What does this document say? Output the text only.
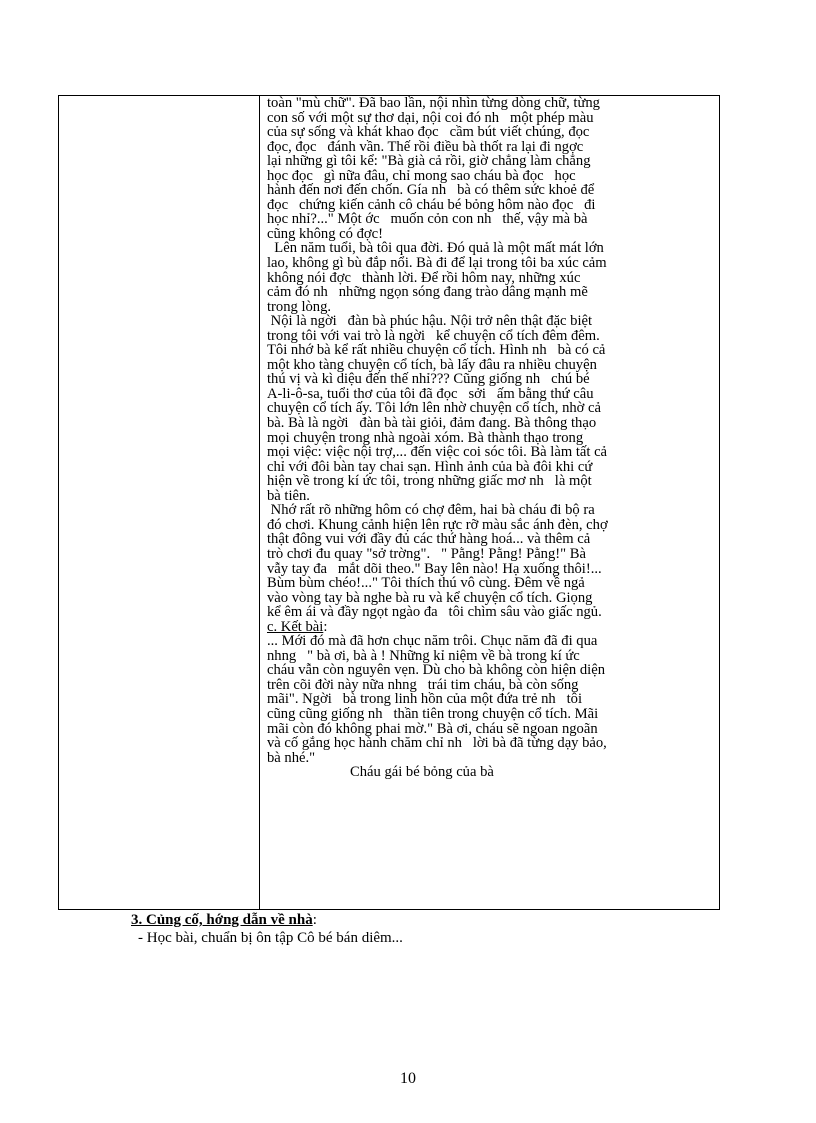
toàn "mù chữ". Đã bao lần, nội nhìn từng dòng chữ, từng
con số với một sự thơ dại, nội coi đó nh   một phép màu
của sự sống và khát khao đọc   cầm bút viết chúng, đọc
đọc, đọc   đánh vần. Thế rồi điều bà thốt ra lại đi ngợc
lại những gì tôi kể: "Bà già cả rồi, giờ chẳng làm chẳng
học đọc   gì nữa đâu, chỉ mong sao cháu bà đọc   học
hành đến nơi đến chốn. Gía nh   bà có thêm sức khoẻ để
đọc   chứng kiến cảnh cô cháu bé bỏng hôm nào đọc   đi
học nhỉ?..." Một ớc   muốn cỏn con nh   thế, vậy mà bà
cũng không có đợc!
Lên năm tuổi, bà tôi qua đời. Đó quả là một mất mát lớn
lao, không gì bù đắp nổi. Bà đi để lại trong tôi ba xúc cảm
không nói đợc   thành lời. Để rồi hôm nay, những xúc
cảm đó nh   những ngọn sóng đang trào dâng mạnh mẽ
trong lòng.
Nội là ngời   đàn bà phúc hậu. Nội trở nên thật đặc biệt
trong tôi với vai trò là ngời   kể chuyện cổ tích đêm đêm.
Tôi nhớ bà kể rất nhiều chuyện cổ tích. Hình nh   bà có cả
một kho tàng chuyện cổ tích, bà lấy đâu ra nhiều chuyện
thú vị và kì diệu đến thế nhỉ??? Cũng giống nh   chú bé
A-li-ô-sa, tuổi thơ của tôi đã đọc   sởi   ấm bằng thứ câu
chuyện cổ tích ấy. Tôi lớn lên nhờ chuyện cổ tích, nhờ cả
bà. Bà là ngời   đàn bà tài giỏi, đảm đang. Bà thông thạo
mọi chuyện trong nhà ngoài xóm. Bà thành thạo trong
mọi việc: việc nội trợ,... đến việc coi sóc tôi. Bà làm tất cả
chỉ với đôi bàn tay chai sạn. Hình ảnh của bà đôi khi cứ
hiện về trong kí ức tôi, trong những giấc mơ nh   là một
bà tiên.
Nhớ rất rõ những hôm có chợ đêm, hai bà cháu đi bộ ra
đó chơi. Khung cảnh hiện lên rực rỡ màu sắc ánh đèn, chợ
thật đông vui với đầy đủ các thứ hàng hoá... và thêm cả
trò chơi đu quay "sở trờng".   " Pằng! Pằng! Pằng!" Bà
vẫy tay đa   mắt dõi theo." Bay lên nào! Hạ xuống thôi!...
Bùm bùm chéo!..." Tôi thích thú vô cùng. Đêm về ngả
vào vòng tay bà nghe bà ru và kể chuyện cổ tích. Giọng
kể êm ái và đầy ngọt ngào đa   tôi chìm sâu vào giấc ngủ.
c. Kết bài:
... Mới đó mà đã hơn chục năm trôi. Chục năm đã đi qua
nhng   " bà ơi, bà à ! Những kỉ niệm về bà trong kí ức
cháu vẫn còn nguyên vẹn. Dù cho bà không còn hiện diện
trên cõi đời này nữa nhng   trái tim cháu, bà còn sống
mãi". Ngời   bà trong linh hồn của một đứa trẻ nh   tôi
cũng cũng giống nh   thần tiên trong chuyện cổ tích. Mãi
mãi còn đó không phai mờ." Bà ơi, cháu sẽ ngoan ngoãn
và cố gắng học hành chăm chỉ nh   lời bà đã từng dạy bảo,
bà nhé."
Cháu gái bé bỏng của bà
3. Củng cố, hớng dẫn về nhà:
- Học bài, chuẩn bị ôn tập Cô bé bán diêm...
10
